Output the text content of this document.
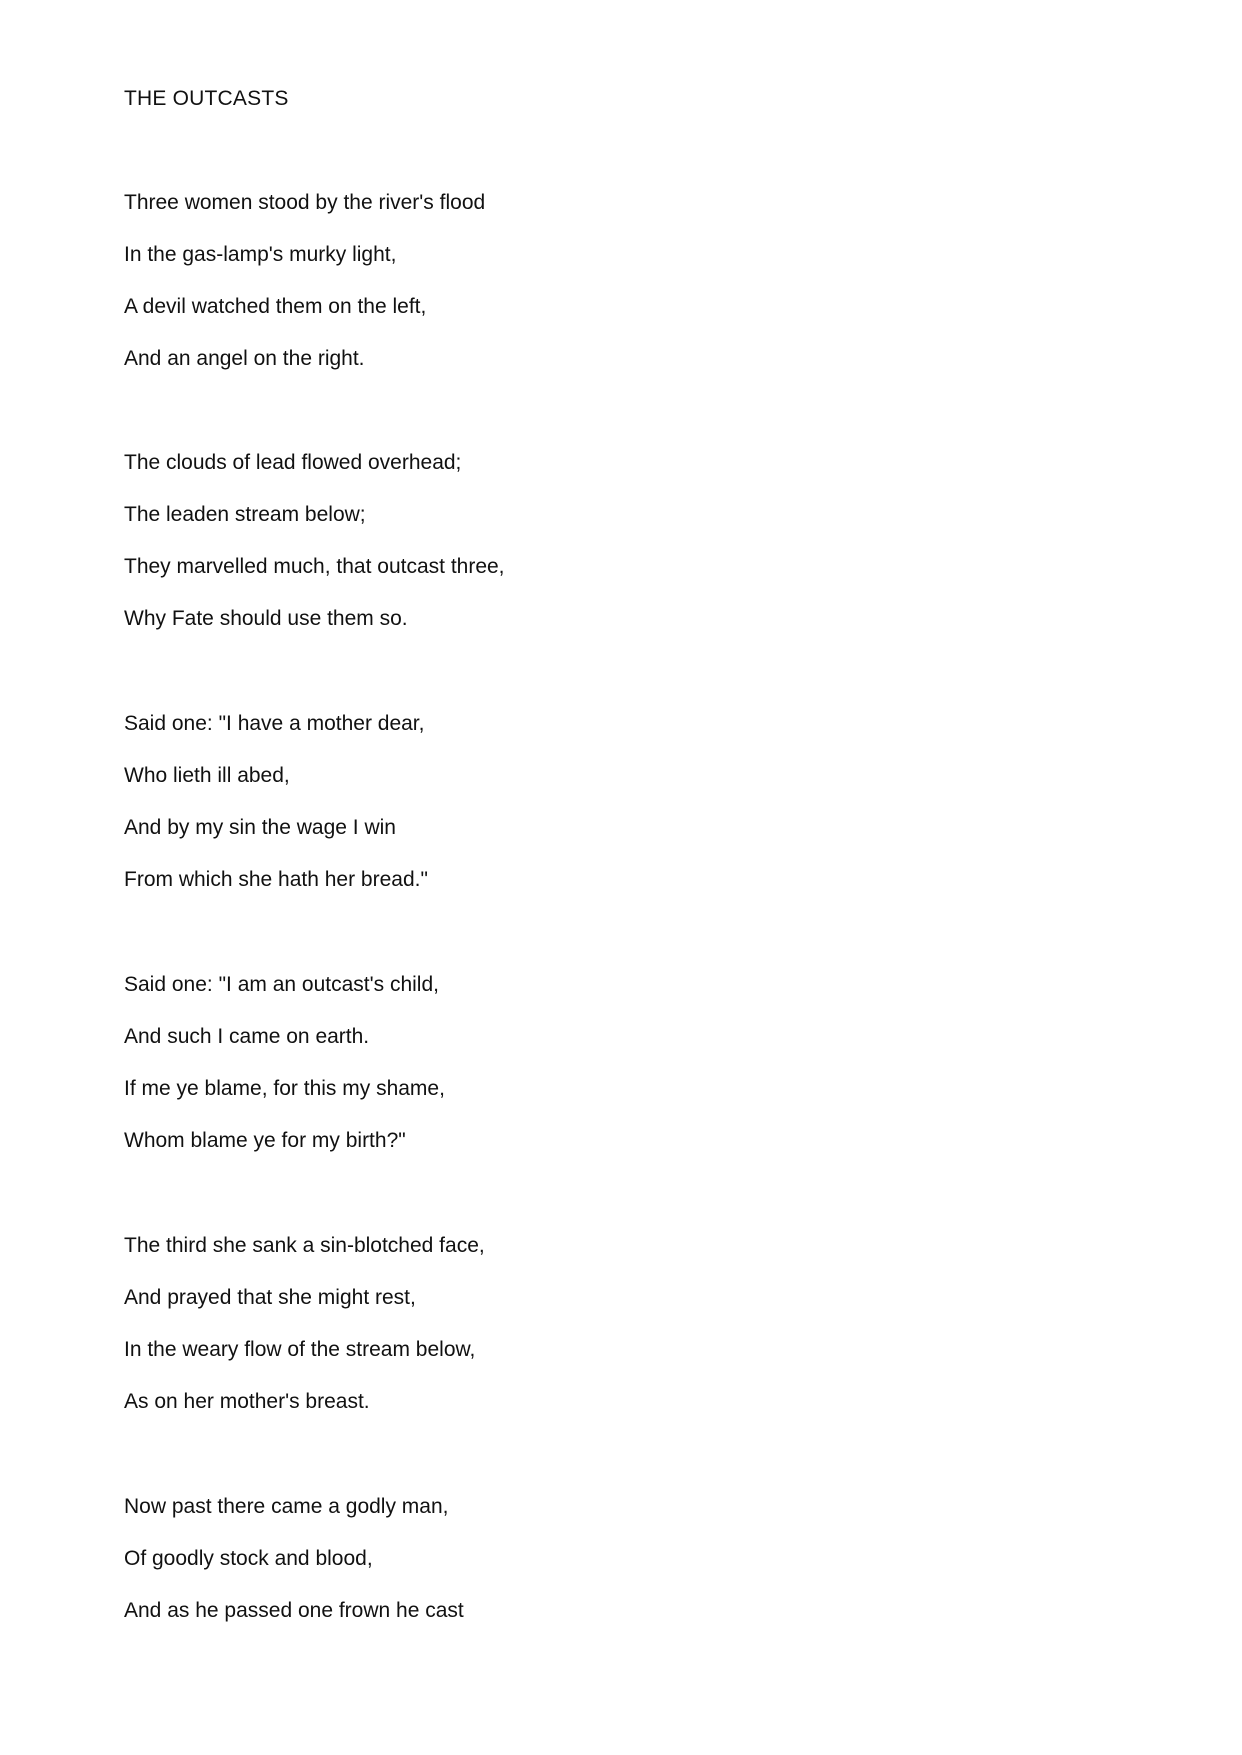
THE OUTCASTS

Three women stood by the river's flood

In the gas-lamp's murky light,

A devil watched them on the left,

And an angel on the right.

The clouds of lead flowed overhead;

The leaden stream below;

They marvelled much, that outcast three,

Why Fate should use them so.

Said one: "I have a mother dear,

Who lieth ill abed,

And by my sin the wage I win

From which she hath her bread."

Said one: "I am an outcast's child,

And such I came on earth.

If me ye blame, for this my shame,

Whom blame ye for my birth?"

The third she sank a sin-blotched face,

And prayed that she might rest,

In the weary flow of the stream below,

As on her mother's breast.

Now past there came a godly man,

Of goodly stock and blood,

And as he passed one frown he cast
